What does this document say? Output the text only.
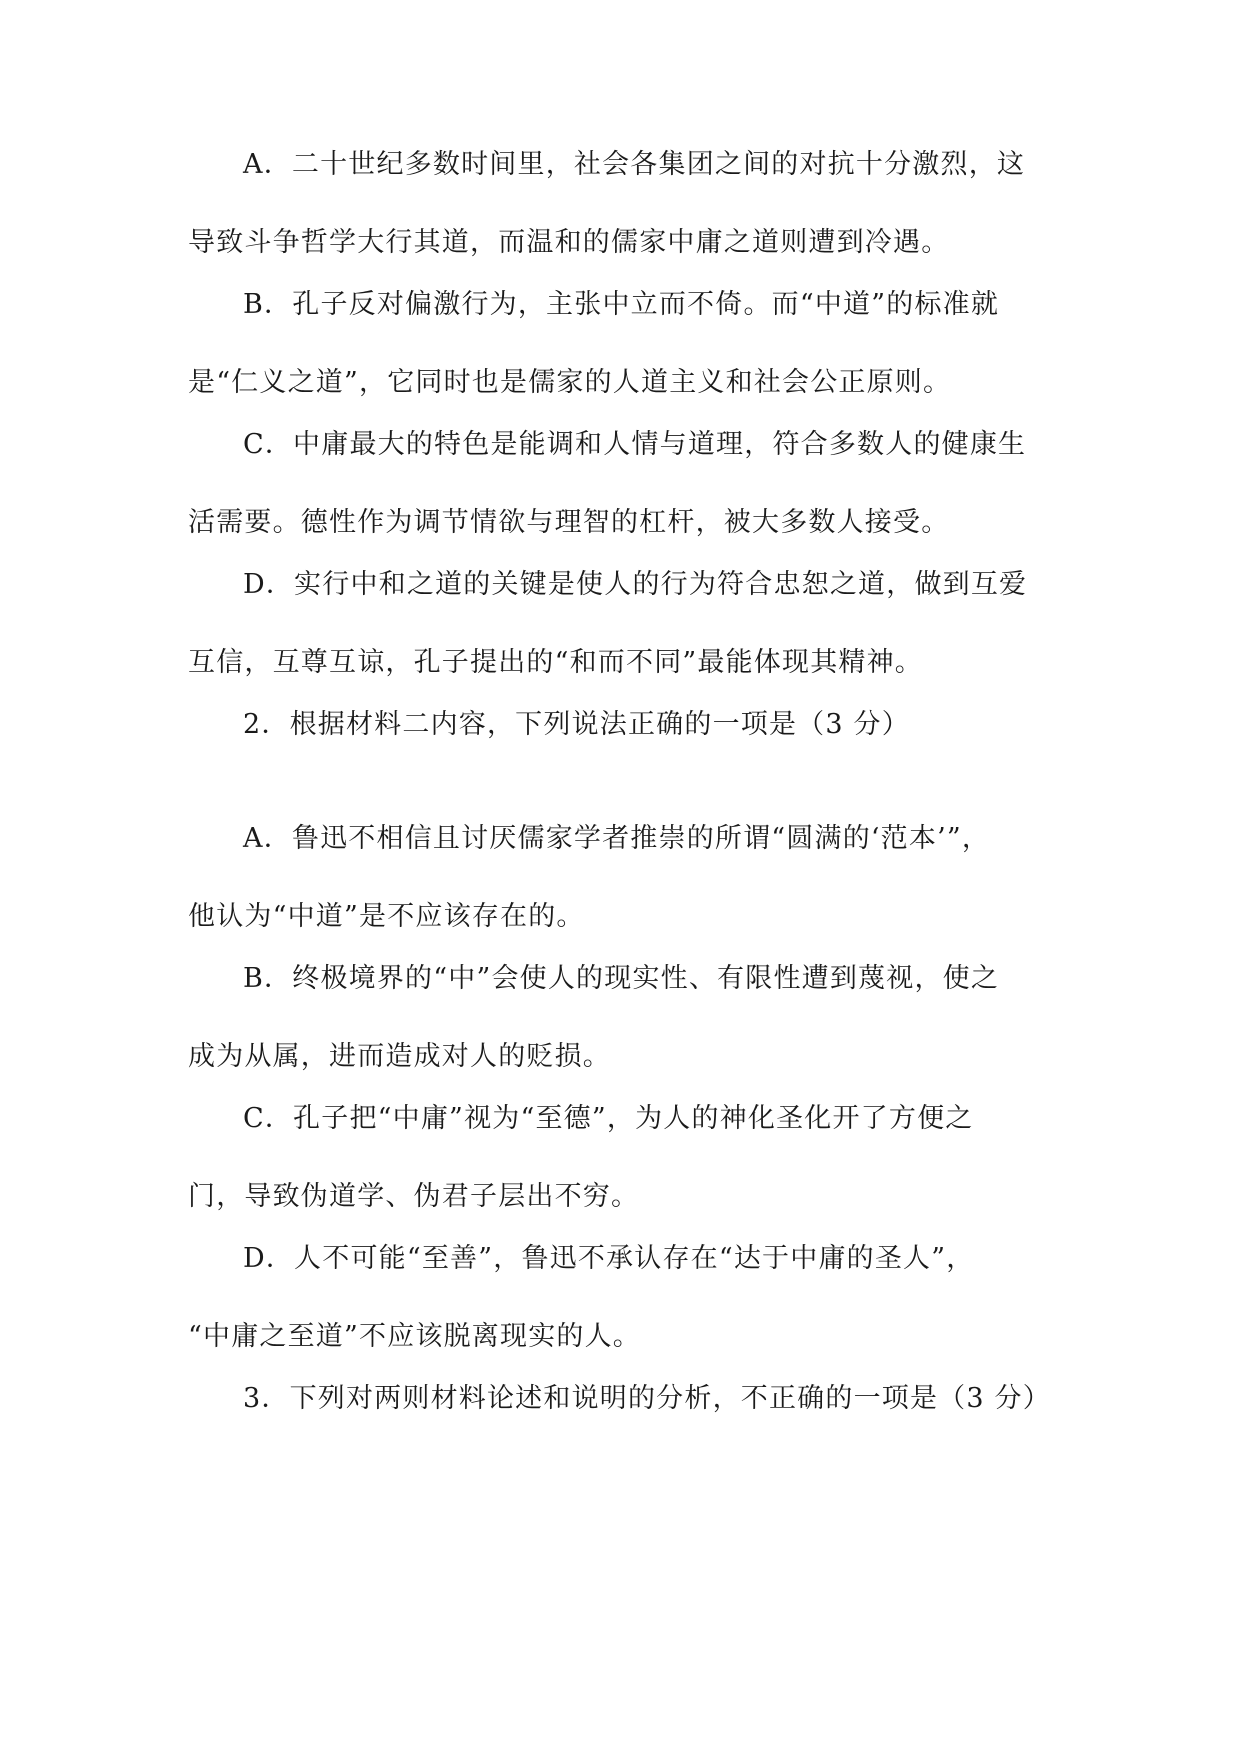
A．二十世纪多数时间里，社会各集团之间的对抗十分激烈，这
导致斗争哲学大行其道，而温和的儒家中庸之道则遭到冷遇。
B．孔子反对偏激行为，主张中立而不倚。而“中道”的标准就
是“仁义之道”，它同时也是儒家的人道主义和社会公正原则。
C．中庸最大的特色是能调和人情与道理，符合多数人的健康生
活需要。德性作为调节情欲与理智的杠杆，被大多数人接受。
D．实行中和之道的关键是使人的行为符合忠恕之道，做到互爱
互信，互尊互谅，孔子提出的“和而不同”最能体现其精神。
2．根据材料二内容，下列说法正确的一项是（3 分）
A．鲁迅不相信且讨厌儒家学者推崇的所谓“圆满的‘范本’”，
他认为“中道”是不应该存在的。
B．终极境界的“中”会使人的现实性、有限性遭到蔑视，使之
成为从属，进而造成对人的贬损。
C．孔子把“中庸”视为“至德”，为人的神化圣化开了方便之
门，导致伪道学、伪君子层出不穷。
D．人不可能“至善”，鲁迅不承认存在“达于中庸的圣人”，
“中庸之至道”不应该脱离现实的人。
3．下列对两则材料论述和说明的分析，不正确的一项是（3 分）
